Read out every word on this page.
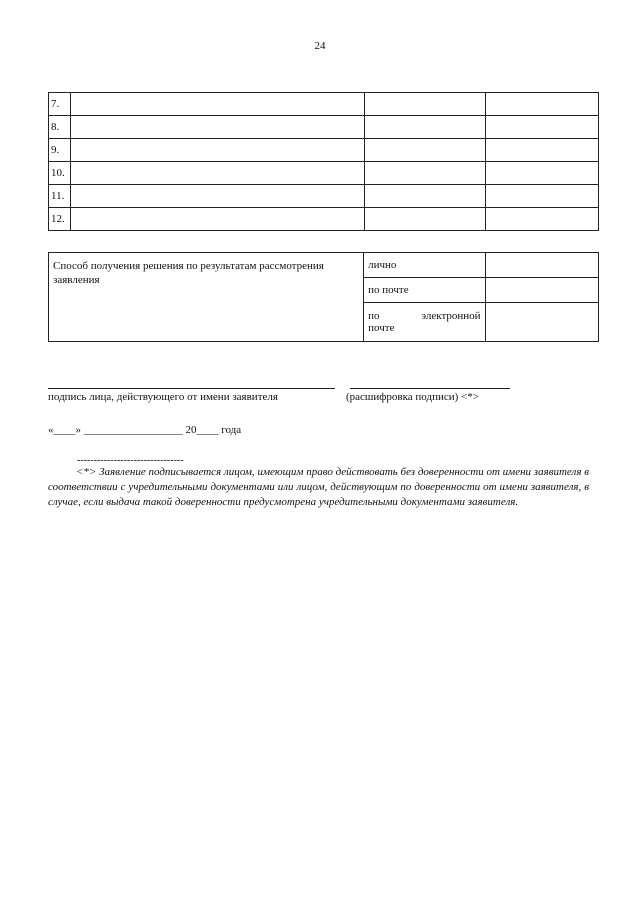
24
7.			
8.			
9.			
10.			
11.			
12.			
Способ получения решения по результатам рассмотрения заявления	лично	
	по почте	

	по электронной
почте	

подпись лица, действующего от имени заявителя	(расшифровка подписи) <*>
«____» __________________ 20____ года
--------------------------------
<*> Заявление подписывается лицом, имеющим право действовать без доверенности от имени заявителя в соответствии с учредительными документами или лицом, действующим по доверенности от имени заявителя, в случае, если выдача такой доверенности предусмотрена учредительными документами заявителя.
